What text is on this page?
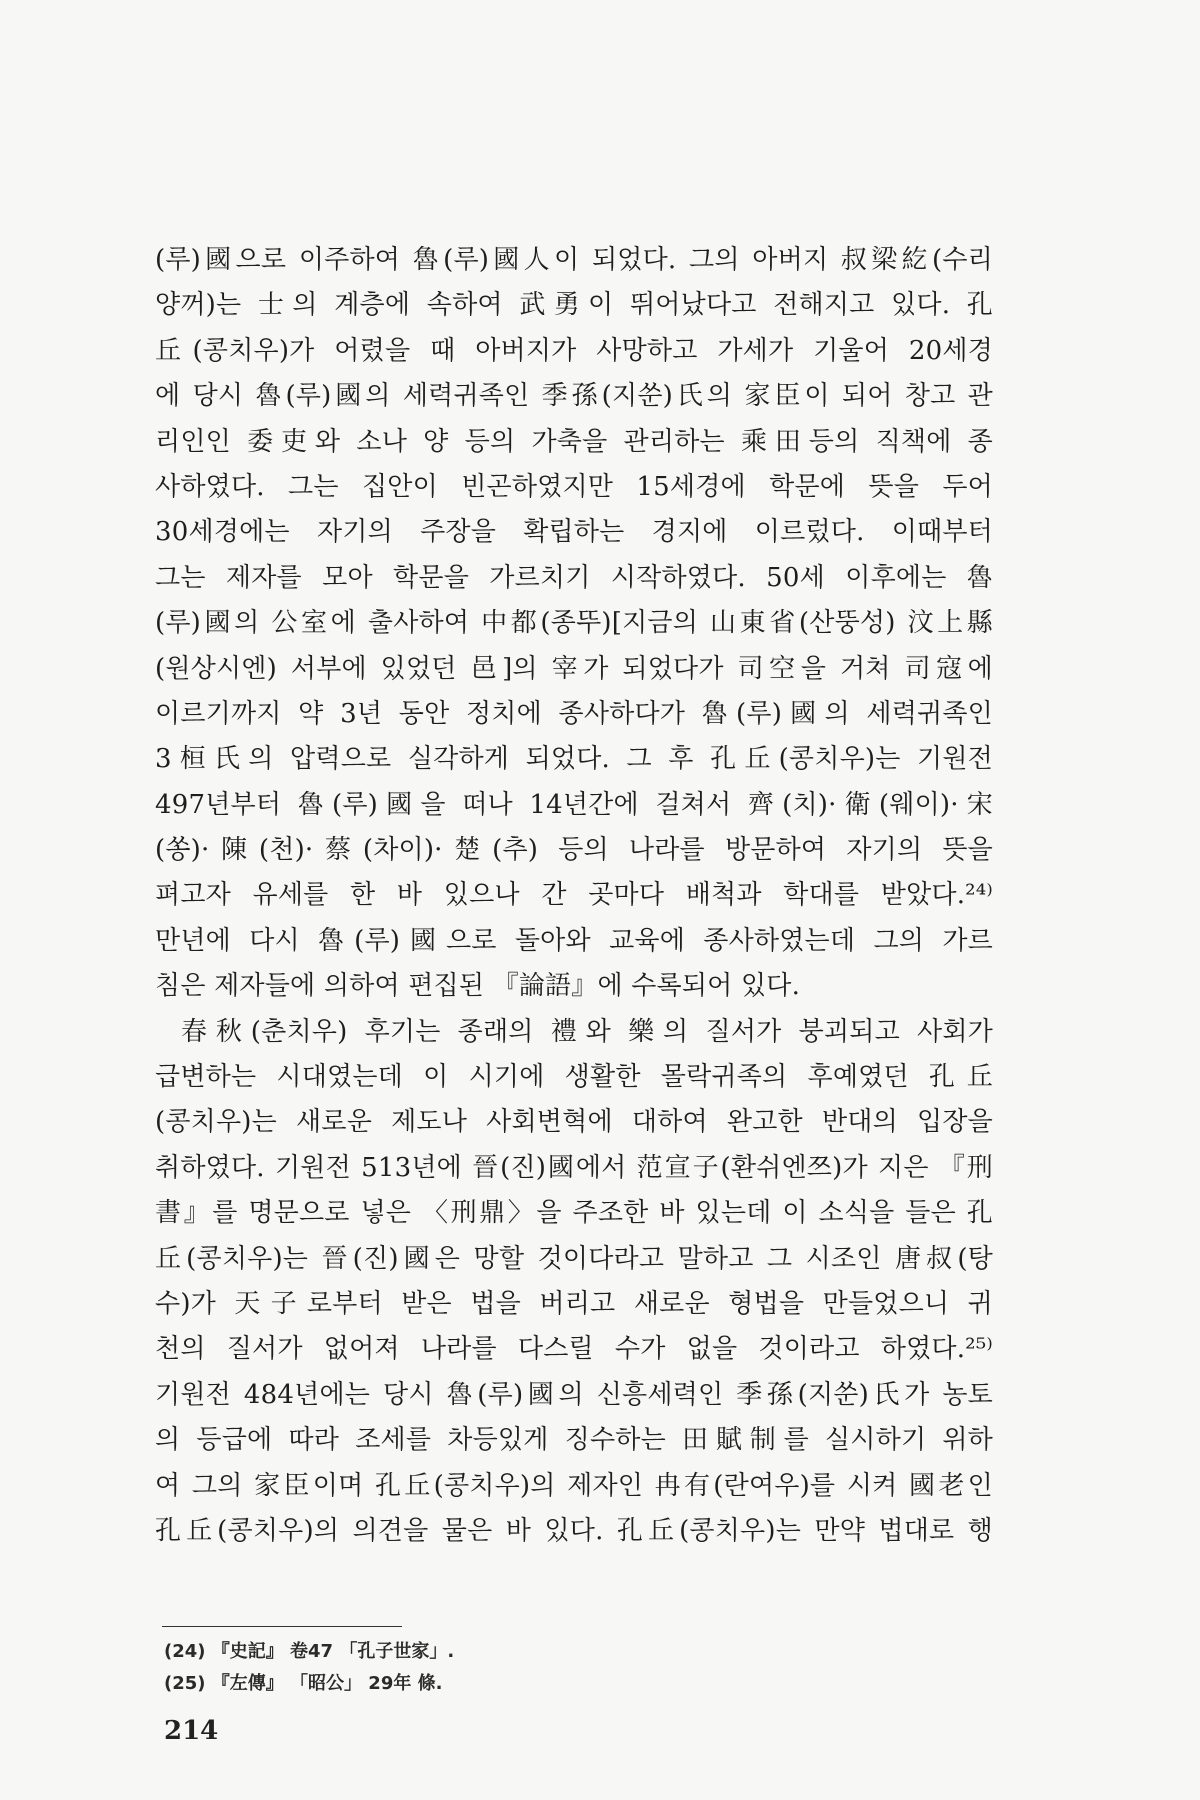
(루)國으로 이주하여 魯(루)國人이 되었다. 그의 아버지 叔梁紇(수리
양꺼)는 士의 계층에 속하여 武勇이 뛰어났다고 전해지고 있다. 孔
丘(콩치우)가 어렸을 때 아버지가 사망하고 가세가 기울어 20세경
에 당시 魯(루)國의 세력귀족인 季孫(지쑨)氏의 家臣이 되어 창고 관
리인인 委吏와 소나 양 등의 가축을 관리하는 乘田등의 직책에 종
사하였다. 그는 집안이 빈곤하였지만 15세경에 학문에 뜻을 두어
30세경에는 자기의 주장을 확립하는 경지에 이르렀다. 이때부터
그는 제자를 모아 학문을 가르치기 시작하였다. 50세 이후에는 魯
(루)國의 公室에 출사하여 中都(종뚜)[지금의 山東省(산뚱성) 汶上縣
(원상시엔) 서부에 있었던 邑]의 宰가 되었다가 司空을 거쳐 司寇에
이르기까지 약 3년 동안 정치에 종사하다가 魯(루)國의 세력귀족인
3桓氏의 압력으로 실각하게 되었다. 그 후 孔丘(콩치우)는 기원전
497년부터 魯(루)國을 떠나 14년간에 걸쳐서 齊(치)·衛(웨이)·宋
(쏭)·陳(천)·蔡(차이)·楚(추) 등의 나라를 방문하여 자기의 뜻을
펴고자 유세를 한 바 있으나 간 곳마다 배척과 학대를 받았다.²⁴⁾
만년에 다시 魯(루)國으로 돌아와 교육에 종사하였는데 그의 가르
침은 제자들에 의하여 편집된 『論語』에 수록되어 있다.
春秋(춘치우) 후기는 종래의 禮와 樂의 질서가 붕괴되고 사회가
급변하는 시대였는데 이 시기에 생활한 몰락귀족의 후예였던 孔丘
(콩치우)는 새로운 제도나 사회변혁에 대하여 완고한 반대의 입장을
취하였다. 기원전 513년에 晉(진)國에서 范宣子(환쉬엔쯔)가 지은 『刑
書』를 명문으로 넣은 〈刑鼎〉을 주조한 바 있는데 이 소식을 들은 孔
丘(콩치우)는 晉(진)國은 망할 것이다라고 말하고 그 시조인 唐叔(탕
수)가 天子로부터 받은 법을 버리고 새로운 형법을 만들었으니 귀
천의 질서가 없어져 나라를 다스릴 수가 없을 것이라고 하였다.²⁵⁾
기원전 484년에는 당시 魯(루)國의 신흥세력인 季孫(지쑨)氏가 농토
의 등급에 따라 조세를 차등있게 징수하는 田賦制를 실시하기 위하
여 그의 家臣이며 孔丘(콩치우)의 제자인 冉有(란여우)를 시켜 國老인
孔丘(콩치우)의 의견을 물은 바 있다. 孔丘(콩치우)는 만약 법대로 행
(24) 『史記』 卷47 「孔子世家」.
(25) 『左傳』 「昭公」 29年 條.
214
